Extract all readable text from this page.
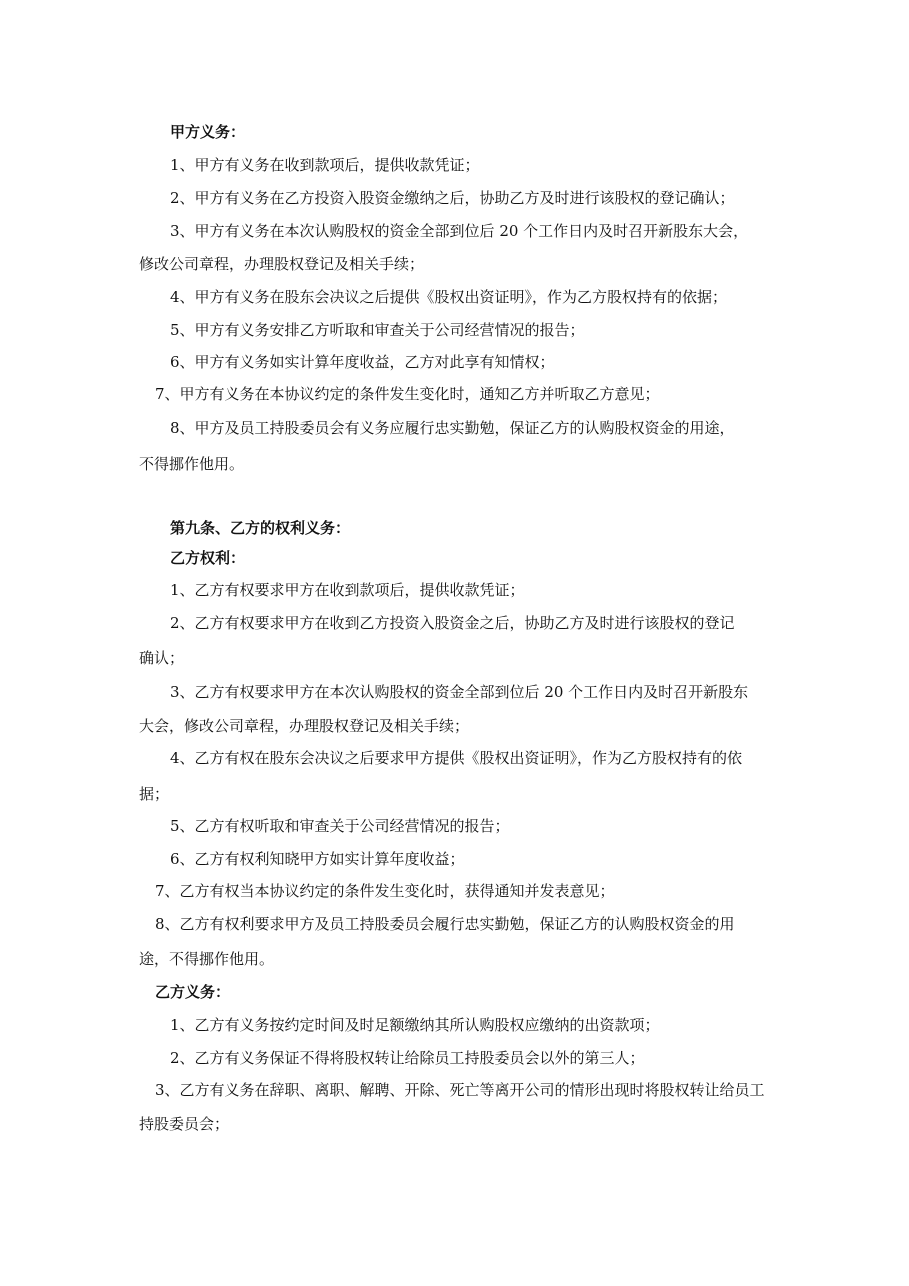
甲方义务：
1、甲方有义务在收到款项后，提供收款凭证；
2、甲方有义务在乙方投资入股资金缴纳之后，协助乙方及时进行该股权的登记确认；
3、甲方有义务在本次认购股权的资金全部到位后 20 个工作日内及时召开新股东大会，
修改公司章程，办理股权登记及相关手续；
4、甲方有义务在股东会决议之后提供《股权出资证明》，作为乙方股权持有的依据；
5、甲方有义务安排乙方听取和审查关于公司经营情况的报告；
6、甲方有义务如实计算年度收益，乙方对此享有知情权；
7、甲方有义务在本协议约定的条件发生变化时，通知乙方并听取乙方意见；
8、甲方及员工持股委员会有义务应履行忠实勤勉，保证乙方的认购股权资金的用途，
不得挪作他用。
第九条、乙方的权利义务：
乙方权利：
1、乙方有权要求甲方在收到款项后，提供收款凭证；
2、乙方有权要求甲方在收到乙方投资入股资金之后，协助乙方及时进行该股权的登记
确认；
3、乙方有权要求甲方在本次认购股权的资金全部到位后 20 个工作日内及时召开新股东
大会，修改公司章程，办理股权登记及相关手续；
4、乙方有权在股东会决议之后要求甲方提供《股权出资证明》，作为乙方股权持有的依
据；
5、乙方有权听取和审查关于公司经营情况的报告；
6、乙方有权利知晓甲方如实计算年度收益；
7、乙方有权当本协议约定的条件发生变化时，获得通知并发表意见；
8、乙方有权利要求甲方及员工持股委员会履行忠实勤勉，保证乙方的认购股权资金的用
途，不得挪作他用。
乙方义务：
1、乙方有义务按约定时间及时足额缴纳其所认购股权应缴纳的出资款项；
2、乙方有义务保证不得将股权转让给除员工持股委员会以外的第三人；
3、乙方有义务在辞职、离职、解聘、开除、死亡等离开公司的情形出现时将股权转让给员工
持股委员会；
